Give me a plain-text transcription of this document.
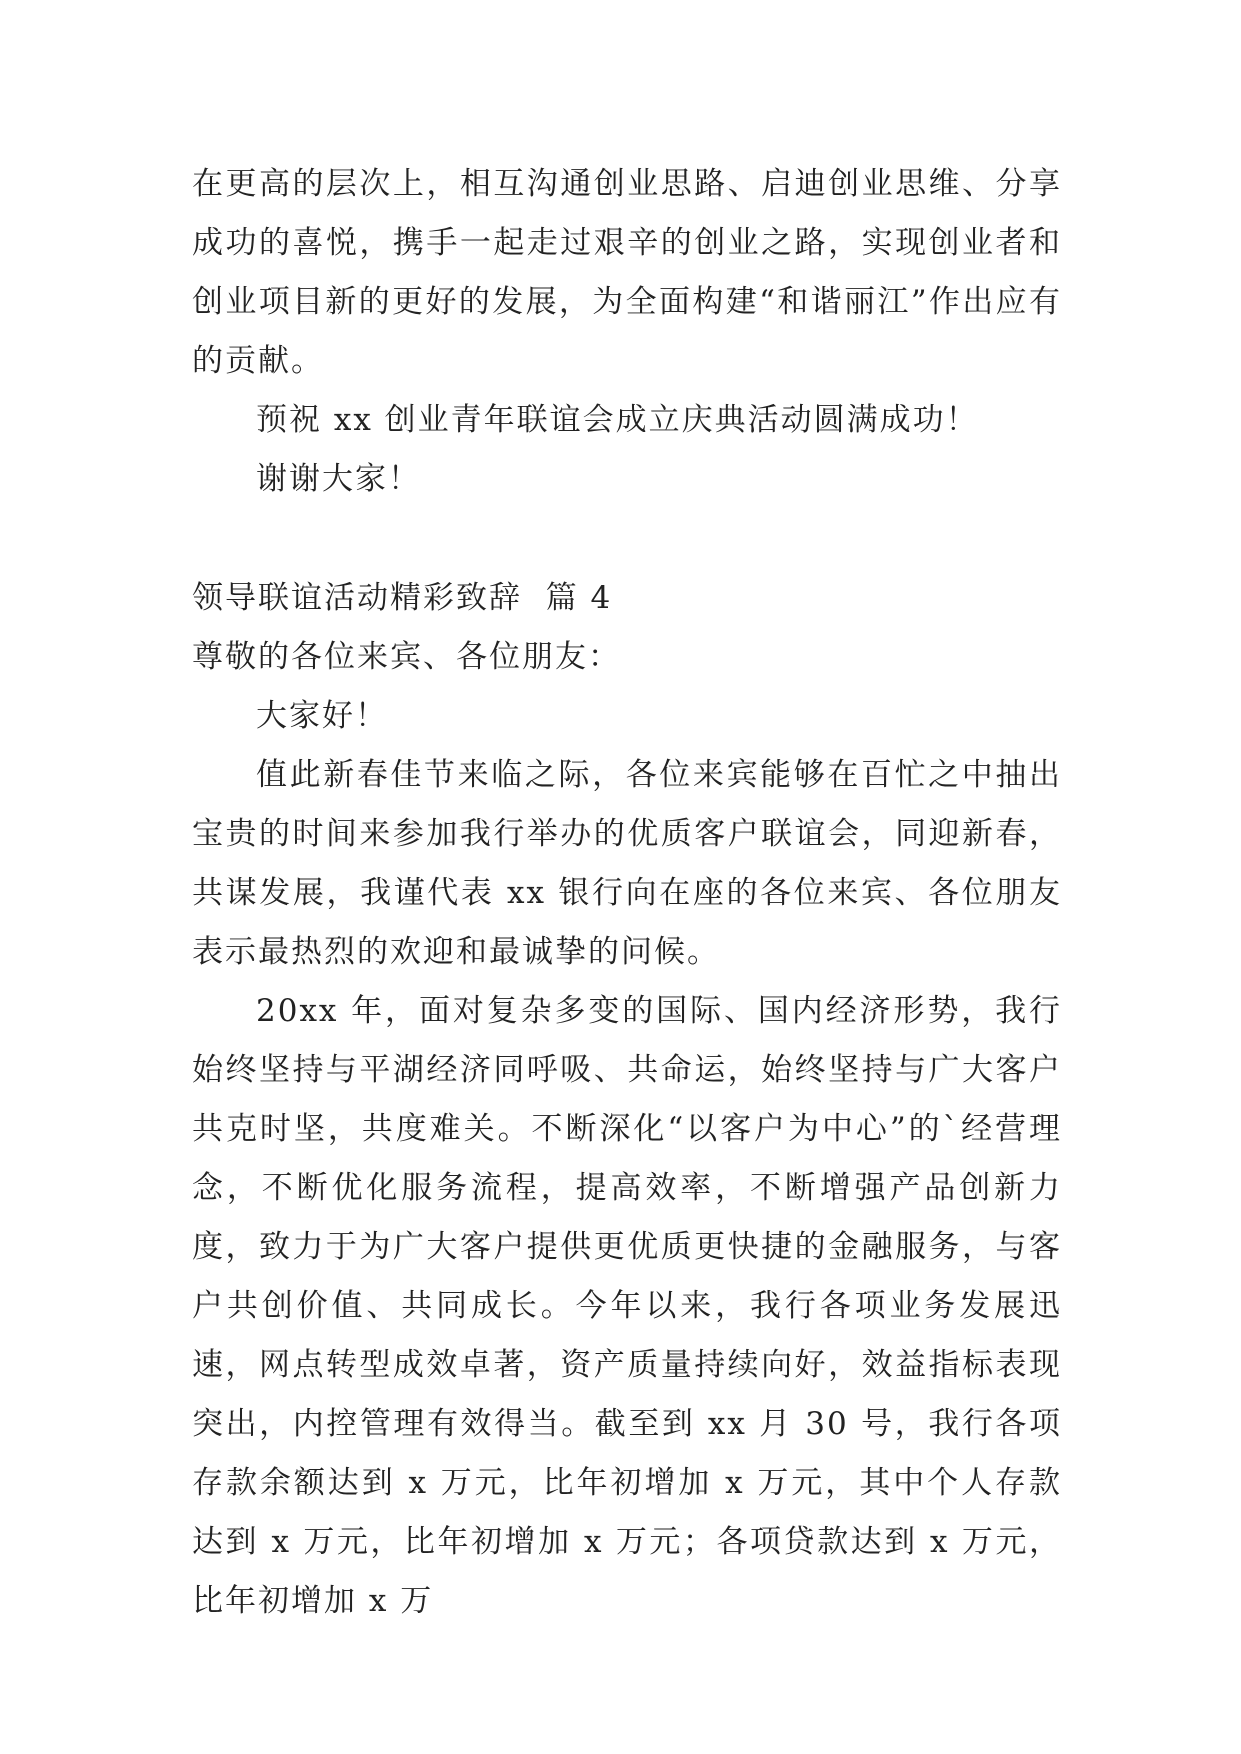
在更高的层次上，相互沟通创业思路、启迪创业思维、分享成功的喜悦，携手一起走过艰辛的创业之路，实现创业者和创业项目新的更好的发展，为全面构建“和谐丽江”作出应有的贡献。

预祝 xx 创业青年联谊会成立庆典活动圆满成功！

谢谢大家！

领导联谊活动精彩致辞  篇 4

尊敬的各位来宾、各位朋友：

大家好！

值此新春佳节来临之际，各位来宾能够在百忙之中抽出宝贵的时间来参加我行举办的优质客户联谊会，同迎新春，共谋发展，我谨代表 xx 银行向在座的各位来宾、各位朋友表示最热烈的欢迎和最诚挚的问候。

20xx 年，面对复杂多变的国际、国内经济形势，我行始终坚持与平湖经济同呼吸、共命运，始终坚持与广大客户共克时坚，共度难关。不断深化“以客户为中心”的`经营理念，不断优化服务流程，提高效率，不断增强产品创新力度，致力于为广大客户提供更优质更快捷的金融服务，与客户共创价值、共同成长。今年以来，我行各项业务发展迅速，网点转型成效卓著，资产质量持续向好，效益指标表现突出，内控管理有效得当。截至到 xx 月 30 号，我行各项存款余额达到 x 万元，比年初增加 x 万元，其中个人存款达到 x 万元，比年初增加 x 万元；各项贷款达到 x 万元，比年初增加 x 万
